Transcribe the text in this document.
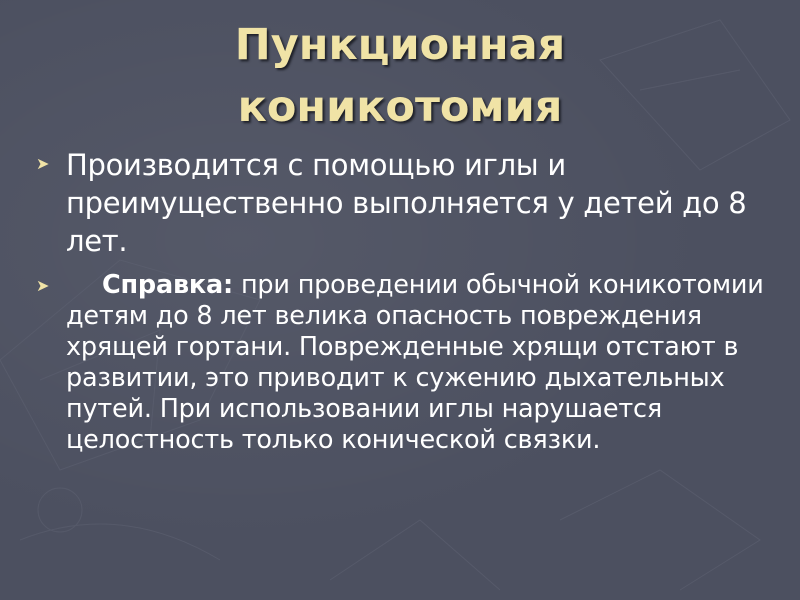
Пункционная
коникотомия
➤ Производится с помощью иглы и преимущественно выполняется у детей до 8 лет.
➤ Справка: при проведении обычной коникотомии детям до 8 лет велика опасность повреждения хрящей гортани. Поврежденные хрящи отстают в развитии, это приводит к сужению дыхательных путей. При использовании иглы нарушается целостность только конической связки.
